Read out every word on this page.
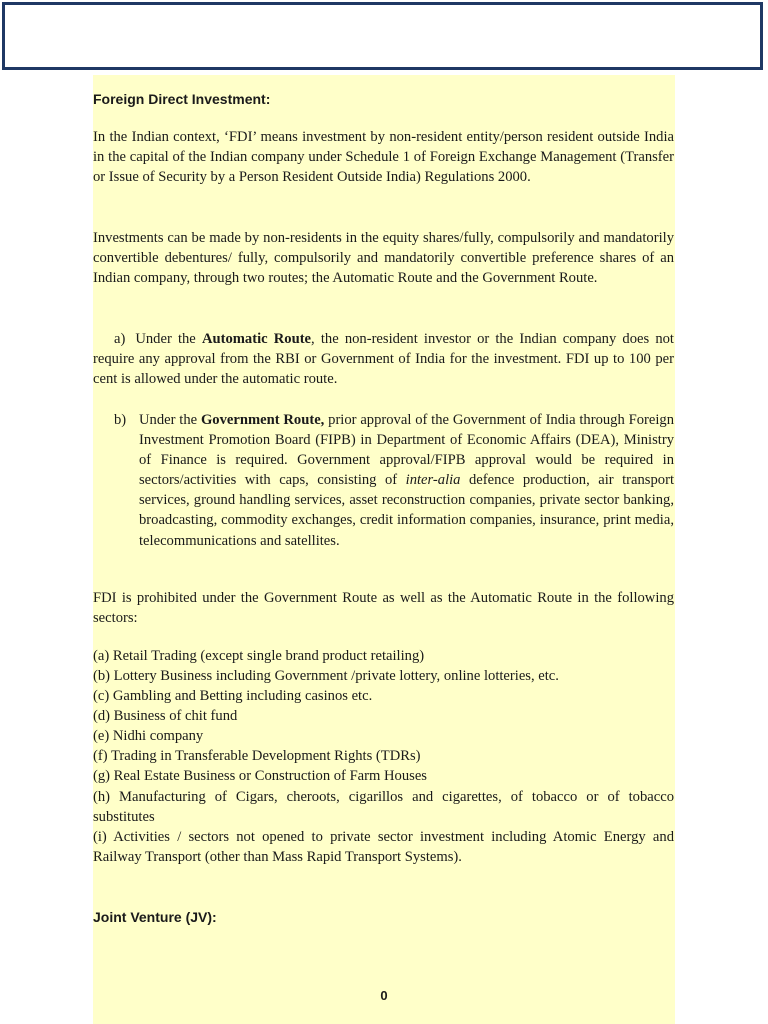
Foreign Direct Investment:

In the Indian context, ‘FDI’ means investment by non-resident entity/person resident outside India in the capital of the Indian company under Schedule 1 of Foreign Exchange Management (Transfer or Issue of Security by a Person Resident Outside India) Regulations 2000.

Investments can be made by non-residents in the equity shares/fully, compulsorily and mandatorily convertible debentures/ fully, compulsorily and mandatorily convertible preference shares of an Indian company, through two routes; the Automatic Route and the Government Route.

a) Under the Automatic Route, the non-resident investor or the Indian company does not require any approval from the RBI or Government of India for the investment. FDI up to 100 per cent is allowed under the automatic route.

b) Under the Government Route, prior approval of the Government of India through Foreign Investment Promotion Board (FIPB) in Department of Economic Affairs (DEA), Ministry of Finance is required. Government approval/FIPB approval would be required in sectors/activities with caps, consisting of inter-alia defence production, air transport services, ground handling services, asset reconstruction companies, private sector banking, broadcasting, commodity exchanges, credit information companies, insurance, print media, telecommunications and satellites.

FDI is prohibited under the Government Route as well as the Automatic Route in the following sectors:

(a) Retail Trading (except single brand product retailing)

(b) Lottery Business including Government /private lottery, online lotteries, etc.

(c) Gambling and Betting including casinos etc.

(d) Business of chit fund

(e) Nidhi company

(f) Trading in Transferable Development Rights (TDRs)

(g) Real Estate Business or Construction of Farm Houses

(h) Manufacturing of Cigars, cheroots, cigarillos and cigarettes, of tobacco or of tobacco substitutes

(i) Activities / sectors not opened to private sector investment including Atomic Energy and Railway Transport (other than Mass Rapid Transport Systems).

Joint Venture (JV):
0
